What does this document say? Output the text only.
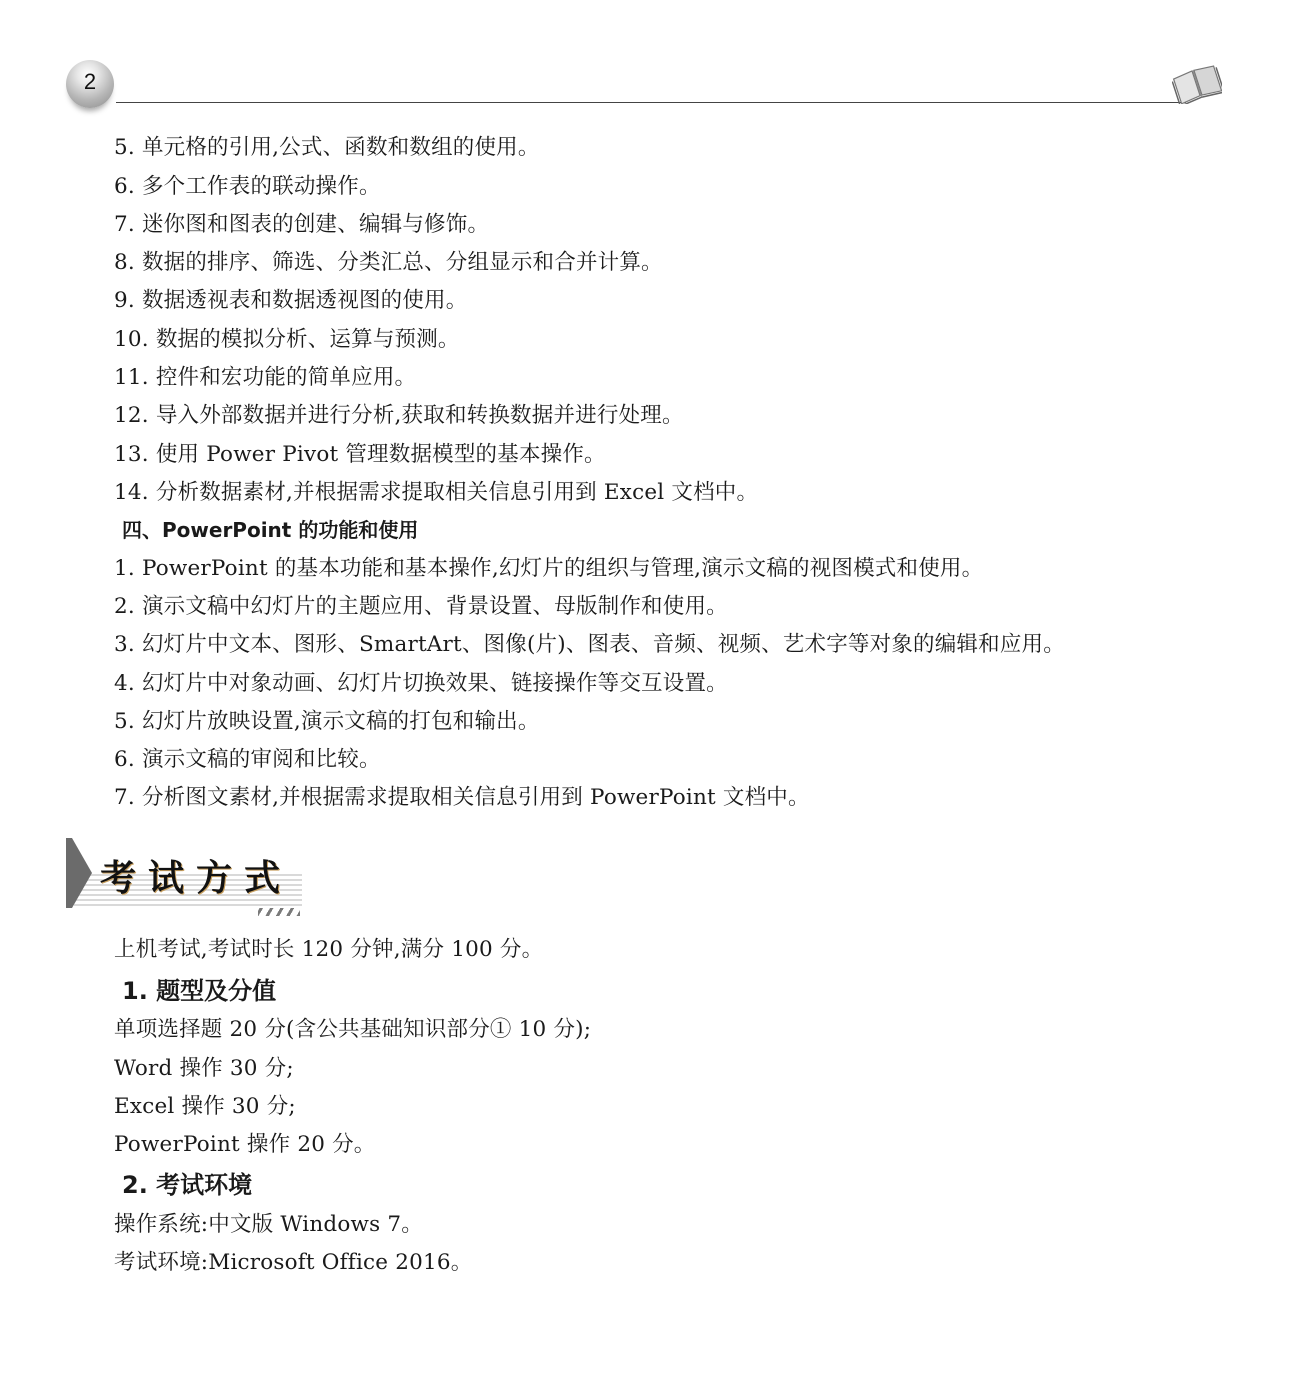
2
5. 单元格的引用,公式、函数和数组的使用。
6. 多个工作表的联动操作。
7. 迷你图和图表的创建、编辑与修饰。
8. 数据的排序、筛选、分类汇总、分组显示和合并计算。
9. 数据透视表和数据透视图的使用。
10. 数据的模拟分析、运算与预测。
11. 控件和宏功能的简单应用。
12. 导入外部数据并进行分析,获取和转换数据并进行处理。
13. 使用 Power Pivot 管理数据模型的基本操作。
14. 分析数据素材,并根据需求提取相关信息引用到 Excel 文档中。
四、PowerPoint 的功能和使用
1. PowerPoint 的基本功能和基本操作,幻灯片的组织与管理,演示文稿的视图模式和使用。
2. 演示文稿中幻灯片的主题应用、背景设置、母版制作和使用。
3. 幻灯片中文本、图形、SmartArt、图像(片)、图表、音频、视频、艺术字等对象的编辑和应用。
4. 幻灯片中对象动画、幻灯片切换效果、链接操作等交互设置。
5. 幻灯片放映设置,演示文稿的打包和输出。
6. 演示文稿的审阅和比较。
7. 分析图文素材,并根据需求提取相关信息引用到 PowerPoint 文档中。
考试方式
上机考试,考试时长 120 分钟,满分 100 分。
1. 题型及分值
单项选择题 20 分(含公共基础知识部分① 10 分);
Word 操作 30 分;
Excel 操作 30 分;
PowerPoint 操作 20 分。
2. 考试环境
操作系统:中文版 Windows 7。
考试环境:Microsoft Office 2016。
